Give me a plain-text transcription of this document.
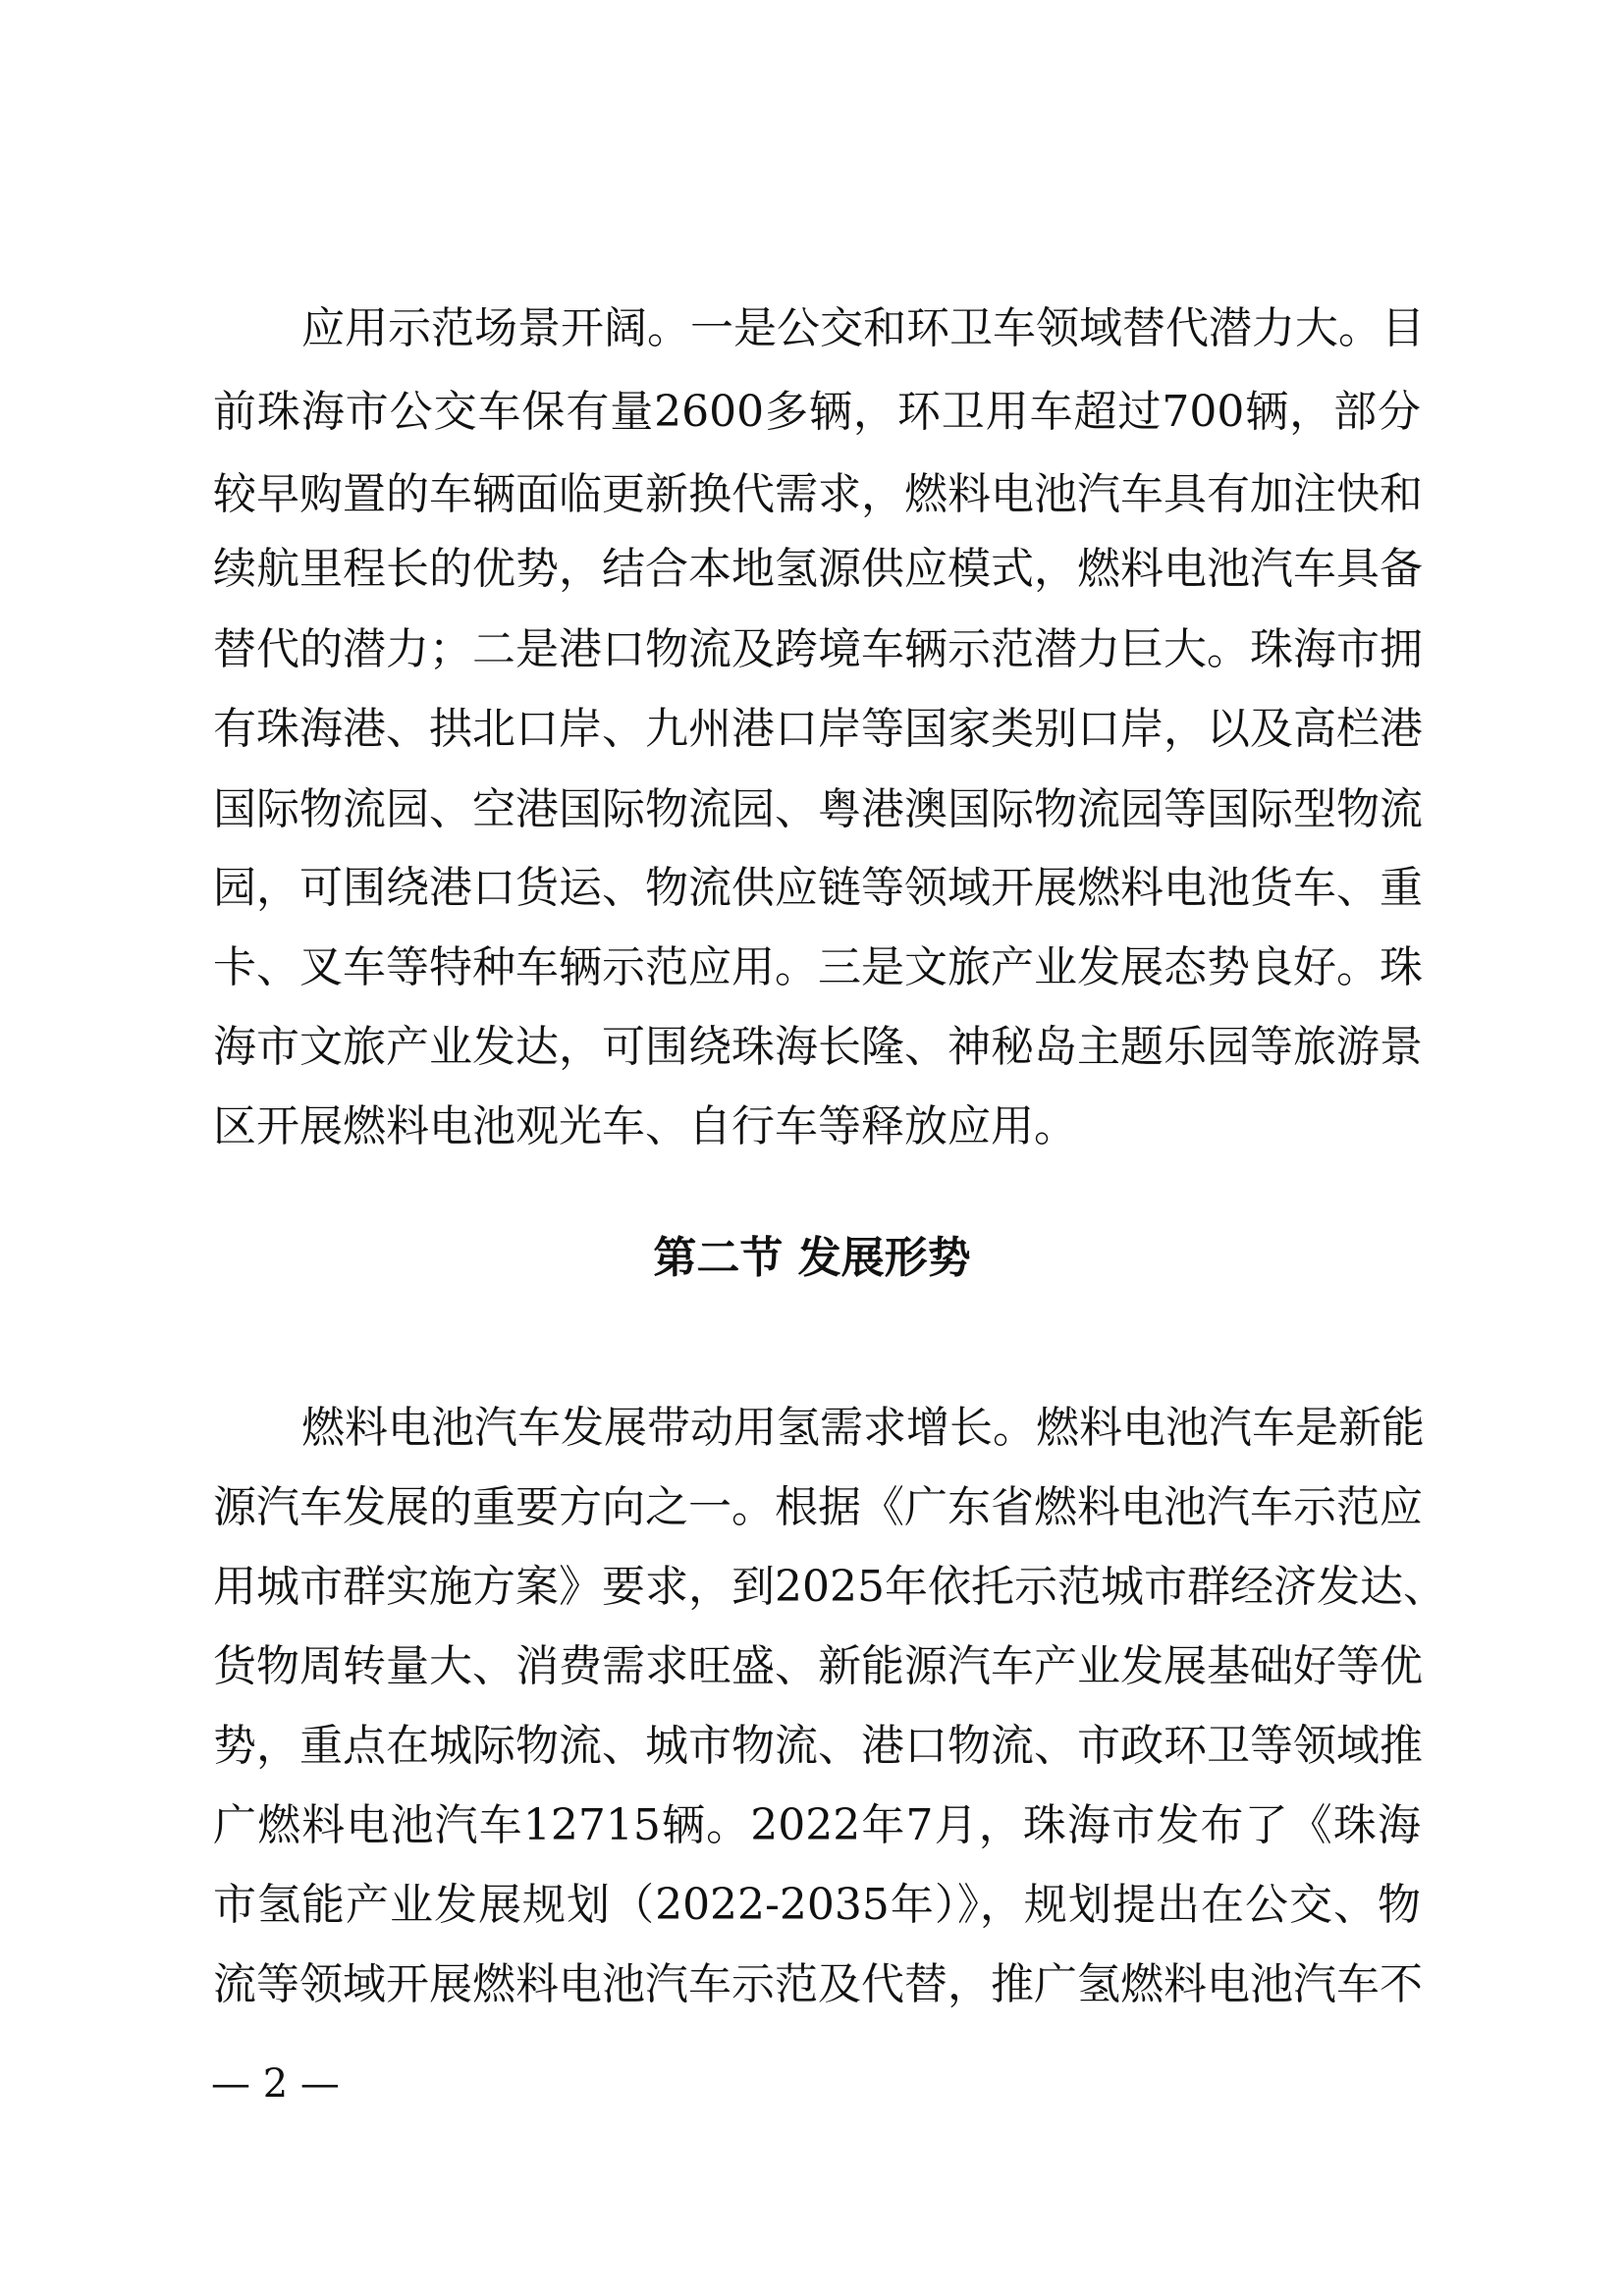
应用示范场景开阔。一是公交和环卫车领域替代潜力大。目
前珠海市公交车保有量2600多辆，环卫用车超过700辆，部分
较早购置的车辆面临更新换代需求，燃料电池汽车具有加注快和
续航里程长的优势，结合本地氢源供应模式，燃料电池汽车具备
替代的潜力；二是港口物流及跨境车辆示范潜力巨大。珠海市拥
有珠海港、拱北口岸、九州港口岸等国家类别口岸，以及高栏港
国际物流园、空港国际物流园、粤港澳国际物流园等国际型物流
园，可围绕港口货运、物流供应链等领域开展燃料电池货车、重
卡、叉车等特种车辆示范应用。三是文旅产业发展态势良好。珠
海市文旅产业发达，可围绕珠海长隆、神秘岛主题乐园等旅游景
区开展燃料电池观光车、自行车等释放应用。
第二节 发展形势
燃料电池汽车发展带动用氢需求增长。燃料电池汽车是新能
源汽车发展的重要方向之一。根据《广东省燃料电池汽车示范应
用城市群实施方案》要求，到2025年依托示范城市群经济发达、
货物周转量大、消费需求旺盛、新能源汽车产业发展基础好等优
势，重点在城际物流、城市物流、港口物流、市政环卫等领域推
广燃料电池汽车12715辆。2022年7月，珠海市发布了《珠海
市氢能产业发展规划（2022-2035年）》，规划提出在公交、物
流等领域开展燃料电池汽车示范及代替，推广氢燃料电池汽车不
— 2 —
